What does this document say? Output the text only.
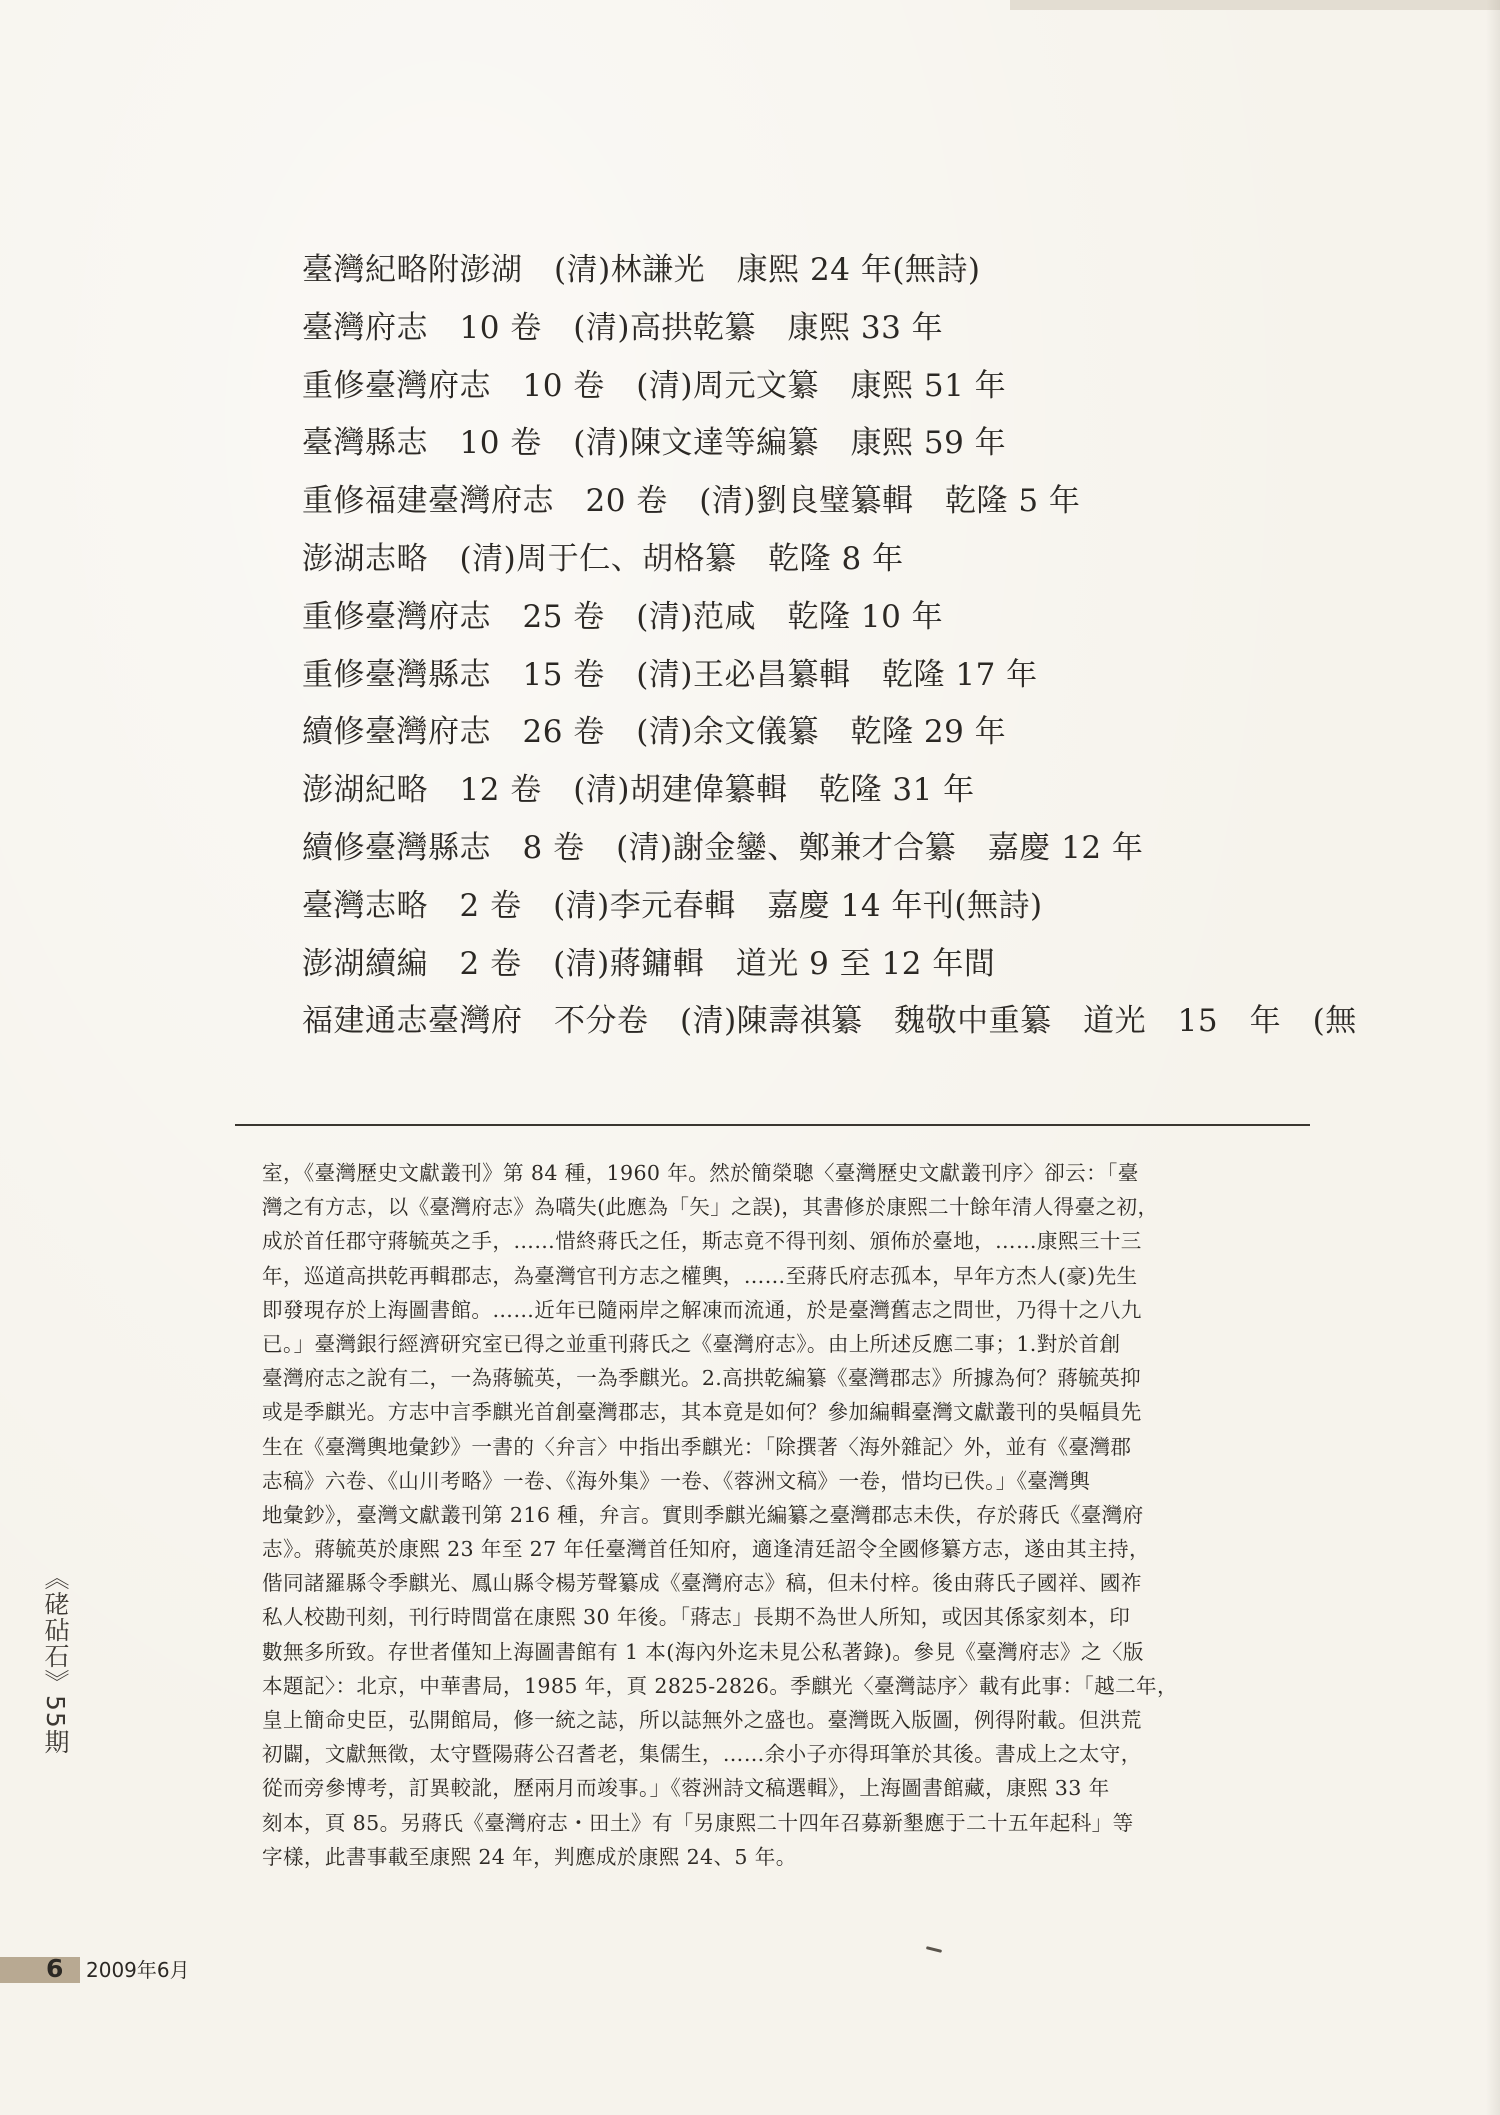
臺灣紀略附澎湖　(清)林謙光　康熙 24 年(無詩)
臺灣府志　10 卷　(清)高拱乾纂　康熙 33 年
重修臺灣府志　10 卷　(清)周元文纂　康熙 51 年
臺灣縣志　10 卷　(清)陳文達等編纂　康熙 59 年
重修福建臺灣府志　20 卷　(清)劉良璧纂輯　乾隆 5 年
澎湖志略　(清)周于仁、胡格纂　乾隆 8 年
重修臺灣府志　25 卷　(清)范咸　乾隆 10 年
重修臺灣縣志　15 卷　(清)王必昌纂輯　乾隆 17 年
續修臺灣府志　26 卷　(清)余文儀纂　乾隆 29 年
澎湖紀略　12 卷　(清)胡建偉纂輯　乾隆 31 年
續修臺灣縣志　8 卷　(清)謝金鑾、鄭兼才合纂　嘉慶 12 年
臺灣志略　2 卷　(清)李元春輯　嘉慶 14 年刊(無詩)
澎湖續編　2 卷　(清)蔣鏞輯　道光 9 至 12 年間
福建通志臺灣府　不分卷　(清)陳壽祺纂　魏敬中重纂　道光　15　年　(無
室，《臺灣歷史文獻叢刊》第 84 種，1960 年。然於簡榮聰〈臺灣歷史文獻叢刊序〉卻云：「臺
灣之有方志，以《臺灣府志》為嚆失(此應為「矢」之誤)，其書修於康熙二十餘年清人得臺之初，
成於首任郡守蔣毓英之手，……惜終蔣氏之任，斯志竟不得刊刻、頒佈於臺地，……康熙三十三
年，巡道高拱乾再輯郡志，為臺灣官刊方志之權輿，……至蔣氏府志孤本，早年方杰人(豪)先生
即發現存於上海圖書館。……近年已隨兩岸之解凍而流通，於是臺灣舊志之問世，乃得十之八九
已。」臺灣銀行經濟研究室已得之並重刊蔣氏之《臺灣府志》。由上所述反應二事；1.對於首創
臺灣府志之說有二，一為蔣毓英，一為季麒光。2.高拱乾編纂《臺灣郡志》所據為何？蔣毓英抑
或是季麒光。方志中言季麒光首創臺灣郡志，其本竟是如何？參加編輯臺灣文獻叢刊的吳幅員先
生在《臺灣輿地彙鈔》一書的〈弁言〉中指出季麒光：「除撰著〈海外雜記〉外，並有《臺灣郡
志稿》六卷、《山川考略》一卷、《海外集》一卷、《蓉洲文稿》一卷，惜均已佚。」《臺灣輿
地彙鈔》，臺灣文獻叢刊第 216 種，弁言。實則季麒光編纂之臺灣郡志未佚，存於蔣氏《臺灣府
志》。蔣毓英於康熙 23 年至 27 年任臺灣首任知府，適逢清廷詔令全國修纂方志，遂由其主持，
偕同諸羅縣令季麒光、鳳山縣令楊芳聲纂成《臺灣府志》稿，但未付梓。後由蔣氏子國祥、國祚
私人校勘刊刻，刊行時間當在康熙 30 年後。「蔣志」長期不為世人所知，或因其係家刻本，印
數無多所致。存世者僅知上海圖書館有 1 本(海內外迄未見公私著錄)。參見《臺灣府志》之〈版
本題記〉：北京，中華書局，1985 年，頁 2825-2826。季麒光〈臺灣誌序〉載有此事：「越二年，
皇上簡命史臣，弘開館局，修一統之誌，所以誌無外之盛也。臺灣既入版圖，例得附載。但洪荒
初闢，文獻無徵，太守暨陽蔣公召耆老，集儒生，……余小子亦得珥筆於其後。書成上之太守，
從而旁參博考，訂異較訛，歷兩月而竣事。」《蓉洲詩文稿選輯》，上海圖書館藏，康熙 33 年
刻本，頁 85。另蔣氏《臺灣府志・田土》有「另康熙二十四年召募新墾應于二十五年起科」等
字樣，此書事載至康熙 24 年，判應成於康熙 24、5 年。
《硓砧石》55期
6 2009年6月
